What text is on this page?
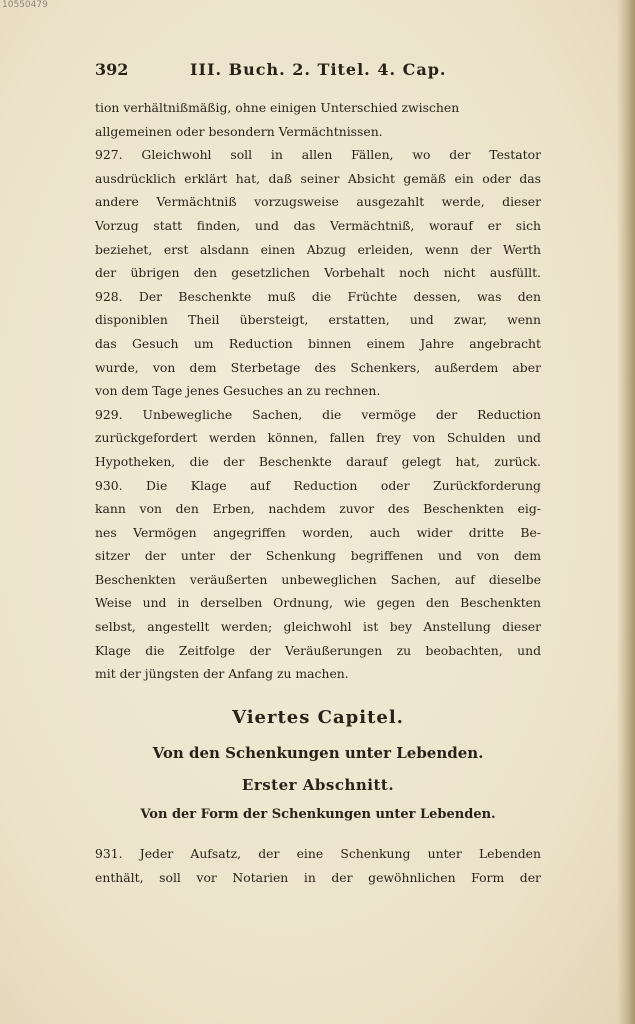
10550479
392	III. Buch. 2. Titel. 4. Cap.
tion verhältnißmäßig, ohne einigen Unterschied zwischen
allgemeinen oder besondern Vermächtnissen.
927. Gleichwohl soll in allen Fällen, wo der Testator
ausdrücklich erklärt hat, daß seiner Absicht gemäß ein oder das
andere Vermächtniß vorzugsweise ausgezahlt werde, dieser
Vorzug statt finden, und das Vermächtniß, worauf er sich
beziehet, erst alsdann einen Abzug erleiden, wenn der Werth
der übrigen den gesetzlichen Vorbehalt noch nicht ausfüllt.
928. Der Beschenkte muß die Früchte dessen, was den
disponiblen Theil übersteigt, erstatten, und zwar, wenn
das Gesuch um Reduction binnen einem Jahre angebracht
wurde, von dem Sterbetage des Schenkers, außerdem aber
von dem Tage jenes Gesuches an zu rechnen.
929. Unbewegliche Sachen, die vermöge der Reduction
zurückgefordert werden können, fallen frey von Schulden und
Hypotheken, die der Beschenkte darauf gelegt hat, zurück.
930. Die Klage auf Reduction oder Zurückforderung
kann von den Erben, nachdem zuvor des Beschenkten eig-
nes Vermögen angegriffen worden, auch wider dritte Be-
sitzer der unter der Schenkung begriffenen und von dem
Beschenkten veräußerten unbeweglichen Sachen, auf dieselbe
Weise und in derselben Ordnung, wie gegen den Beschenkten
selbst, angestellt werden; gleichwohl ist bey Anstellung dieser
Klage die Zeitfolge der Veräußerungen zu beobachten, und
mit der jüngsten der Anfang zu machen.
Viertes Capitel.
Von den Schenkungen unter Lebenden.
Erster Abschnitt.
Von der Form der Schenkungen unter Lebenden.
931. Jeder Aufsatz, der eine Schenkung unter Lebenden
enthält, soll vor Notarien in der gewöhnlichen Form der
